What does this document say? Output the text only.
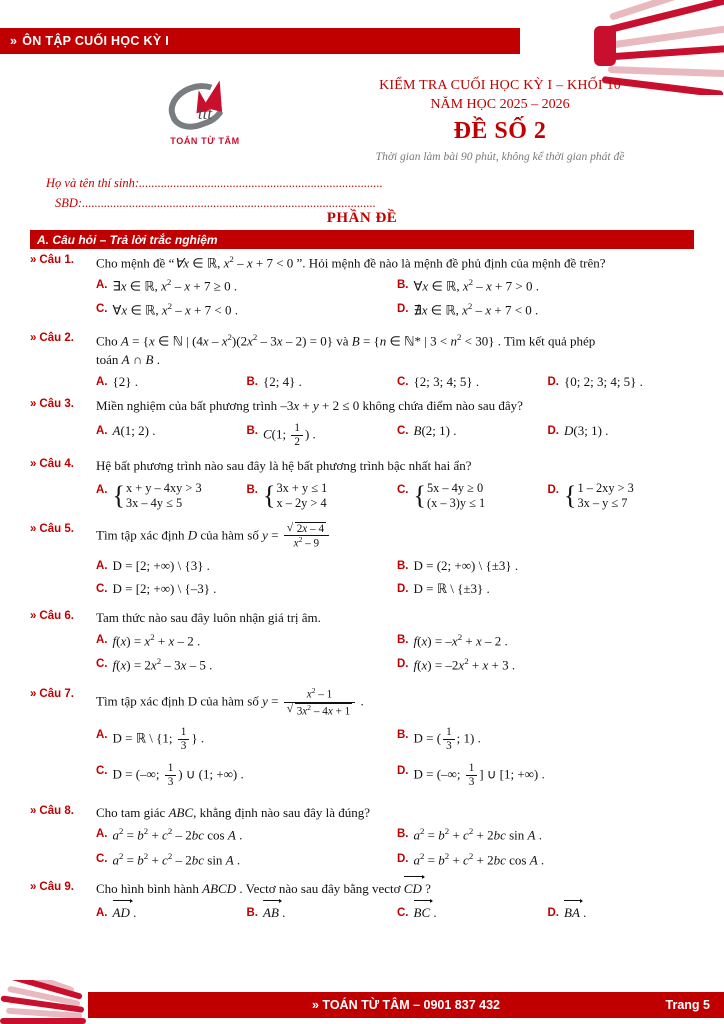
» ÔN TẬP CUỐI HỌC KỲ I
ttt
TOÁN TỪ TÂM
KIỂM TRA CUỐI HỌC KỲ I – KHỐI 10
NĂM HỌC 2025 – 2026
ĐỀ SỐ 2
Thời gian làm bài 90 phút, không kể thời gian phát đề
Họ và tên thí sinh:..............................................................................
SBD:..............................................................................................
PHẦN ĐỀ
A. Câu hỏi – Trả lời trắc nghiệm
» Câu 1.	Cho mệnh đề “∀x ∈ ℝ, $x^2 - x + 7 < 0$ ”. Hỏi mệnh đề nào là mệnh đề phủ định của mệnh đề trên?
A. ∃x ∈ ℝ, $x^2 - x + 7 \ge 0$ .	B. ∀x ∈ ℝ, $x^2 - x + 7 > 0$ .
C. ∀x ∈ ℝ, $x^2 - x + 7 < 0$ .	D. ∄x ∈ ℝ, $x^2 - x + 7 < 0$ .
» Câu 2.	Cho A = {x ∈ ℕ | $(4x - x^2)(2x^2 - 3x - 2) = 0$} và B = {n ∈ ℕ* | $3 < n^2 < 30$} . Tìm kết quả phép
toán A ∩ B .
A. {2} .	B. {2; 4} .	C. {2; 3; 4; 5} .	D. {0; 2; 3; 4; 5} .
» Câu 3.	Miền nghiệm của bất phương trình –3x + y + 2 ≤ 0 không chứa điểm nào sau đây?
A. A(1; 2) .	B. C(1; $\frac{1}{2}$ ) .	C. B(2; 1) .	D. D(3; 1) .
» Câu 4.	Hệ bất phương trình nào sau đây là hệ bất phương trình bậc nhất hai ẩn?
A. { x + y – 4xy > 3
3x – 4y ≤ 5
B. { 3x + y ≤ 1
x – 2y > 4
C. { 5x – 4y ≥ 0
(x – 3)y ≤ 1
D. { 1 – 2xy > 3
3x – y ≤ 7
» Câu 5.	Tìm tập xác định D của hàm số y = √ $\frac{2x - 4}{x^2 - 9}$
A. D = [2; +∞) \ {3} .	B. D = (2; +∞) \ {±3} .
C. D = [2; +∞) \ {–3} .	D. D = ℝ \ {±3} .
» Câu 6.	Tam thức nào sau đây luôn nhận giá trị âm.
A. $f(x) = x^2 + x - 2$ .	B. $f(x) = -x^2 + x - 2$ .
C. $f(x) = 2x^2 - 3x - 5$ .	D. $f(x) = -2x^2 + x + 3$ .
» Câu 7.	Tìm tập xác định D của hàm số $y = x^2 - 1$
√ $3x^2 - 4x + 1$ .
A. D = ℝ \ {1; $\frac{1}{3}$ } .	B. D = ( $\frac{1}{3}$ ; 1) .
C. D = (–∞; $\frac{1}{3}$ ) ∪ (1; +∞) .	D. D = (–∞; $\frac{1}{3}$ ] ∪ [1; +∞) .
» Câu 8.	Cho tam giác ABC, khẳng định nào sau đây là đúng?
A. $a^2 = b^2 + c^2 - 2bc$ cos A .	B. $a^2 = b^2 + c^2 + 2bc$ sin A .
C. $a^2 = b^2 + c^2 - 2bc$ sin A .	D. $a^2 = b^2 + c^2 + 2bc$ cos A .
» Câu 9.	Cho hình bình hành ABCD . Vectơ nào sau đây bằng vectơ CD ?
A. AD .	B. AB .	C. BC .	D. BA .
» TOÁN TỪ TÂM – 0901 837 432	Trang 5
